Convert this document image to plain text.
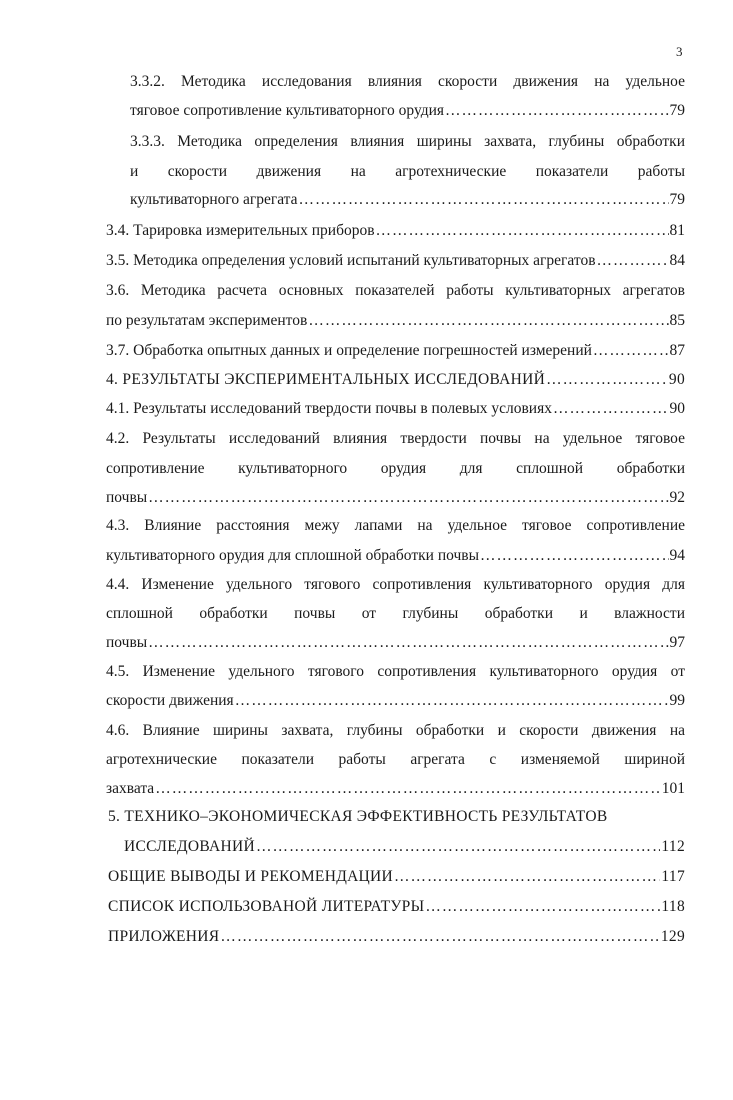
3
3.3.2. Методика исследования влияния скорости движения на удельное
тяговое сопротивление культиваторного орудия ………………………………………………………………………………………………………………………………………………………………	79
3.3.3. Методика определения влияния ширины захвата, глубины обработки
и скорости движения на агротехнические показатели работы
культиваторного агрегата ………………………………………………………………………………………………………………………………………………………………	79
3.4. Тарировка измерительных приборов ………………………………………………………………………………………………………………………………………………………………	81
3.5. Методика определения условий испытаний культиваторных агрегатов ………………………………………………………………………………………………………………………………………………………………	84
3.6. Методика расчета основных показателей работы культиваторных агрегатов
по результатам экспериментов ………………………………………………………………………………………………………………………………………………………………	85
3.7. Обработка опытных данных и определение погрешностей измерений ………………………………………………………………………………………………………………………………………………………………	87
4. РЕЗУЛЬТАТЫ ЭКСПЕРИМЕНТАЛЬНЫХ ИССЛЕДОВАНИЙ ………………………………………………………………………………………………………………………………………………………………	90
4.1. Результаты исследований твердости почвы в полевых условиях ………………………………………………………………………………………………………………………………………………………………	90
4.2. Результаты исследований влияния твердости почвы на удельное тяговое
сопротивление культиваторного орудия для сплошной обработки
почвы ………………………………………………………………………………………………………………………………………………………………	92
4.3. Влияние расстояния межу лапами на удельное тяговое сопротивление
культиваторного орудия для сплошной обработки почвы ………………………………………………………………………………………………………………………………………………………………	94
4.4. Изменение удельного тягового сопротивления культиваторного орудия для
сплошной обработки почвы от глубины обработки и влажности
почвы ………………………………………………………………………………………………………………………………………………………………	97
4.5. Изменение удельного тягового сопротивления культиваторного орудия от
скорости движения ………………………………………………………………………………………………………………………………………………………………	99
4.6. Влияние ширины захвата, глубины обработки и скорости движения на
агротехнические показатели работы агрегата с изменяемой шириной
захвата ………………………………………………………………………………………………………………………………………………………………	101
5. ТЕХНИКО–ЭКОНОМИЧЕСКАЯ ЭФФЕКТИВНОСТЬ РЕЗУЛЬТАТОВ
ИССЛЕДОВАНИЙ ………………………………………………………………………………………………………………………………………………………………	112
ОБЩИЕ ВЫВОДЫ И РЕКОМЕНДАЦИИ ………………………………………………………………………………………………………………………………………………………………	117
СПИСОК ИСПОЛЬЗОВАНОЙ ЛИТЕРАТУРЫ ………………………………………………………………………………………………………………………………………………………………	118
ПРИЛОЖЕНИЯ ………………………………………………………………………………………………………………………………………………………………	129
